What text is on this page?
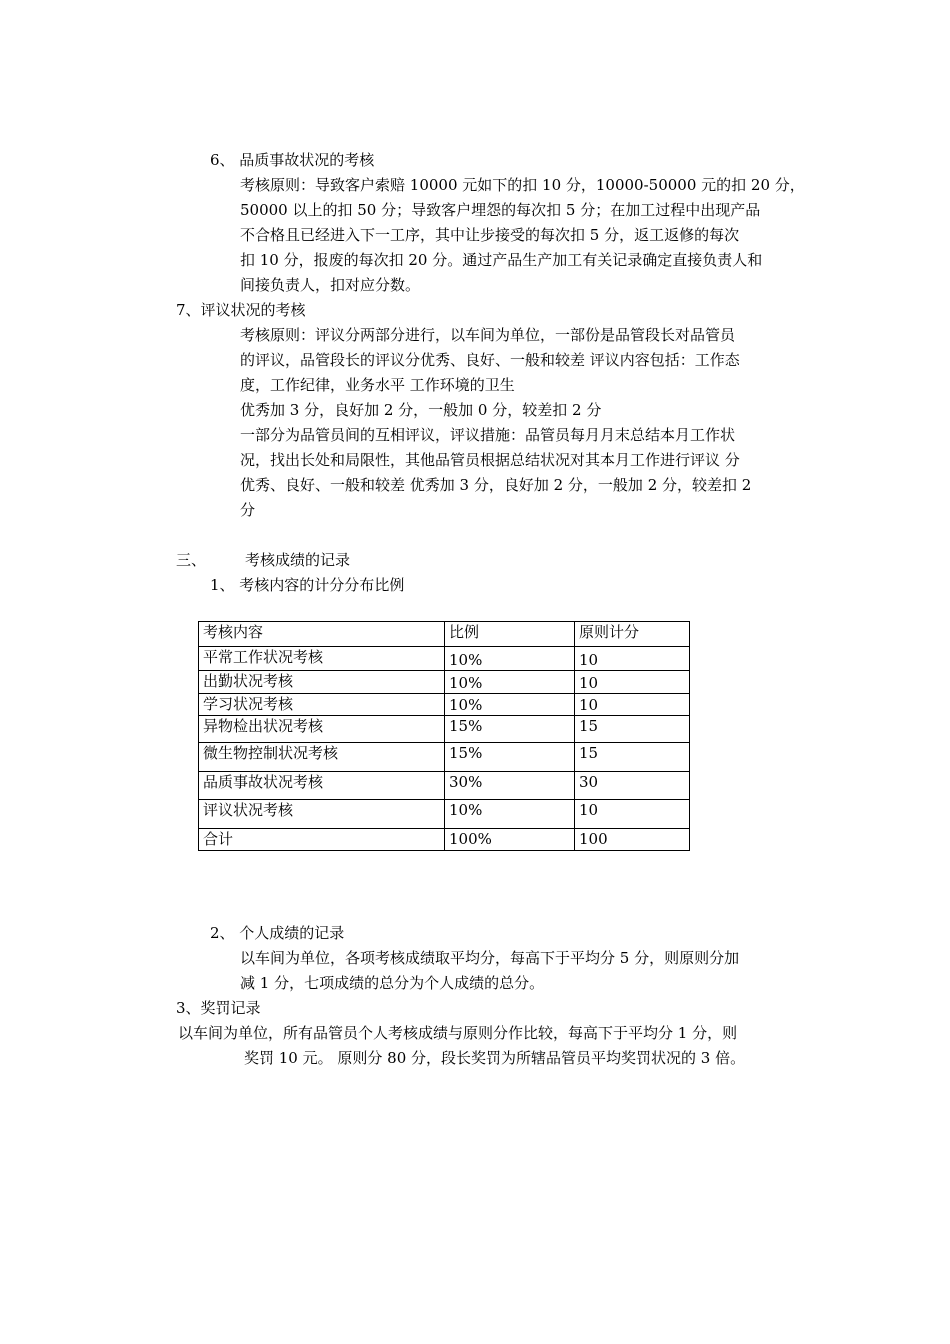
6、 品质事故状况的考核
考核原则：导致客户索赔 10000 元如下的扣 10 分，10000-50000 元的扣 20 分，
50000 以上的扣 50 分；导致客户埋怨的每次扣 5 分；在加工过程中出现产品
不合格且已经进入下一工序，其中让步接受的每次扣 5 分，返工返修的每次
扣 10 分，报废的每次扣 20 分。通过产品生产加工有关记录确定直接负责人和
间接负责人，扣对应分数。
7、评议状况的考核
考核原则：评议分两部分进行，以车间为单位，一部份是品管段长对品管员
的评议，品管段长的评议分优秀、良好、一般和较差 评议内容包括：工作态
度，工作纪律，业务水平 工作环境的卫生
优秀加 3 分，良好加 2 分，一般加 0 分，较差扣 2 分
一部分为品管员间的互相评议，评议措施：品管员每月月末总结本月工作状
况，找出长处和局限性，其他品管员根据总结状况对其本月工作进行评议 分
优秀、良好、一般和较差 优秀加 3 分，良好加 2 分，一般加 2 分，较差扣 2
分
三、	考核成绩的记录
1、 考核内容的计分分布比例
考核内容	比例	原则计分
平常工作状况考核	10%	10
出勤状况考核	10%	10
学习状况考核	10%	10
异物检出状况考核	15%	15
微生物控制状况考核	15%	15
品质事故状况考核	30%	30
评议状况考核	10%	10
合计	100%	100
2、 个人成绩的记录
以车间为单位，各项考核成绩取平均分，每高下于平均分 5 分，则原则分加
减 1 分，七项成绩的总分为个人成绩的总分。
3、奖罚记录
以车间为单位，所有品管员个人考核成绩与原则分作比较，每高下于平均分 1 分，则
奖罚 10 元。 原则分 80 分，段长奖罚为所辖品管员平均奖罚状况的 3 倍。
